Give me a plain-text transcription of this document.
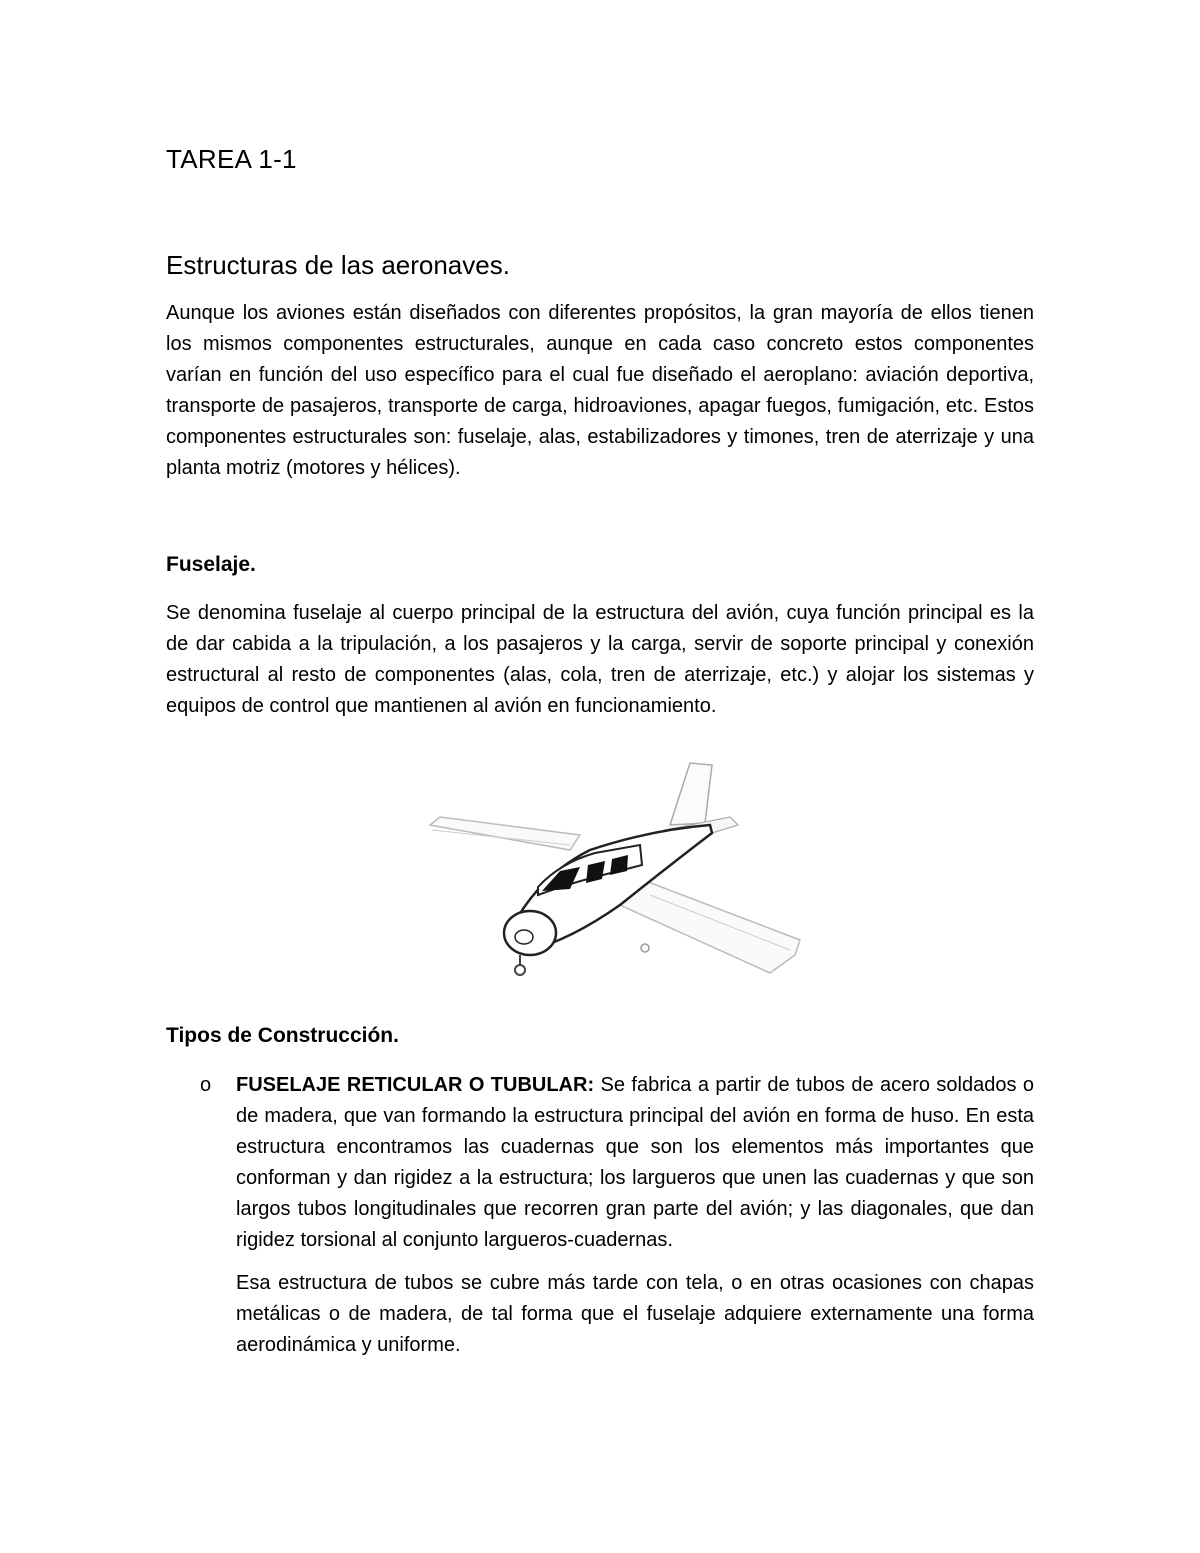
TAREA 1-1
Estructuras de las aeronaves.

Aunque los aviones están diseñados con diferentes propósitos, la gran mayoría de ellos tienen los mismos componentes estructurales, aunque en cada caso concreto estos componentes varían en función del uso específico para el cual fue diseñado el aeroplano: aviación deportiva, transporte de pasajeros, transporte de carga, hidroaviones, apagar fuegos, fumigación, etc. Estos componentes estructurales son: fuselaje, alas, estabilizadores y timones, tren de aterrizaje y una planta motriz (motores y hélices).

Fuselaje.

Se denomina fuselaje al cuerpo principal de la estructura del avión, cuya función principal es la de dar cabida a la tripulación, a los pasajeros y la carga, servir de soporte principal y conexión estructural al resto de componentes (alas, cola, tren de aterrizaje, etc.) y alojar los sistemas y equipos de control que mantienen al avión en funcionamiento.

Tipos de Construcción.
o FUSELAJE RETICULAR O TUBULAR: Se fabrica a partir de tubos de acero soldados o de madera, que van formando la estructura principal del avión en forma de huso. En esta estructura encontramos las cuadernas que son los elementos más importantes que conforman y dan rigidez a la estructura; los largueros que unen las cuadernas y que son largos tubos longitudinales que recorren gran parte del avión; y las diagonales, que dan rigidez torsional al conjunto largueros-cuadernas.

Esa estructura de tubos se cubre más tarde con tela, o en otras ocasiones con chapas metálicas o de madera, de tal forma que el fuselaje adquiere externamente una forma aerodinámica y uniforme.
